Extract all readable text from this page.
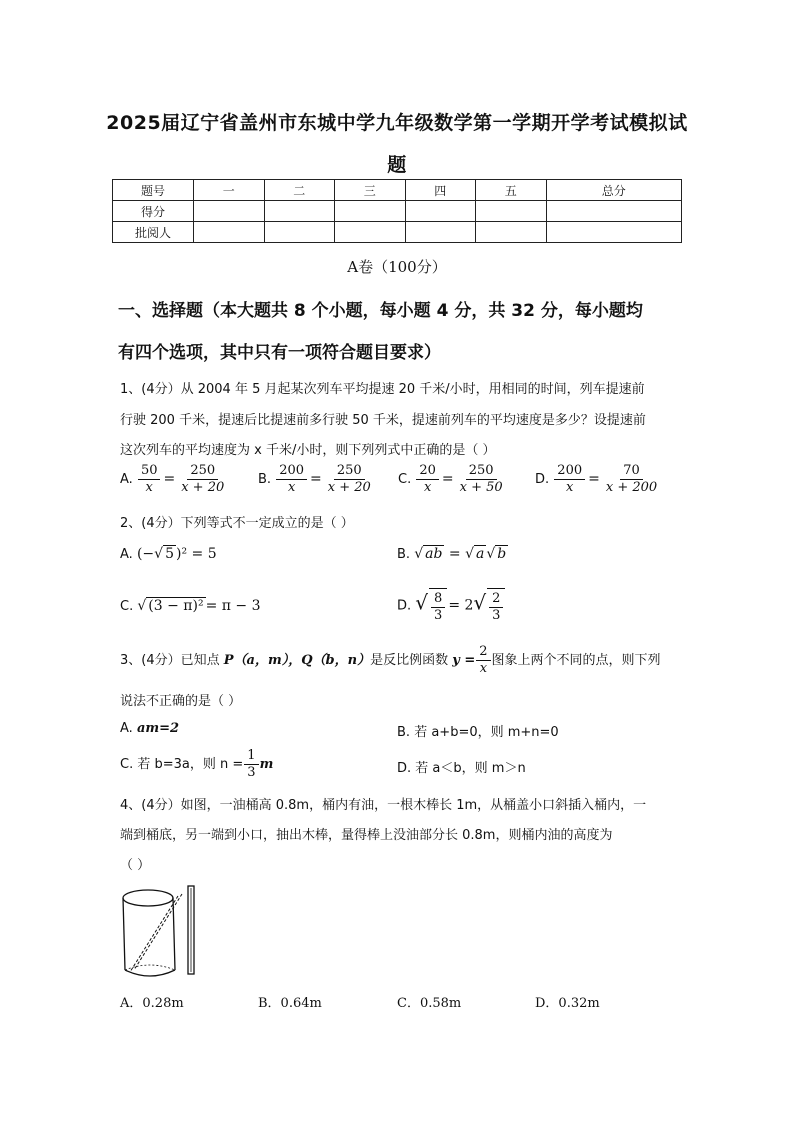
2025届辽宁省盖州市东城中学九年级数学第一学期开学考试模拟试
题
题号	一	二	三	四	五	总分
得分						
批阅人						
A卷（100分）
一、选择题（本大题共 8 个小题，每小题 4 分，共 32 分，每小题均
有四个选项，其中只有一项符合题目要求）
1、(4分）从 2004 年 5 月起某次列车平均提速 20 千米/小时，用相同的时间，列车提速前
行驶 200 千米，提速后比提速前多行驶 50 千米，提速前列车的平均速度是多少？设提速前
这次列车的平均速度为 x 千米/小时，则下列列式中正确的是（ ）
A. $\frac{50}{x} = \frac{250}{x + 20} B$. $\frac{200}{x} = \frac{250}{x + 20} C$. $\frac{20}{x} = \frac{250}{x + 50} D$. $\frac{200}{x} = \frac{70}{x + 200}$
2、(4分）下列等式不一定成立的是（ ）
A. (−√ 5 )² = 5	B. √ ab = √ a √ b
C. √ (3 − π)² = π − 3	D. √ $\frac{8}{3} = 2√ \frac{2}{3}$
3、(4分）已知点 P（a，m），Q（b，n）是反比例函数 $y = \frac{2}{x}$ 图象上两个不同的点，则下列
说法不正确的是（ ）
A. am=2	B. 若 a+b=0，则 m+n=0
C. 若 b=3a，则 $n = \frac{1}{3}$ m	D. 若 a＜b，则 m＞n
4、(4分）如图，一油桶高 0.8m，桶内有油，一根木棒长 1m，从桶盖小口斜插入桶内，一
端到桶底，另一端到小口，抽出木棒，量得棒上没油部分长 0.8m，则桶内油的高度为
（ ）
A．0.28m	B．0.64m	C．0.58m	D．0.32m
